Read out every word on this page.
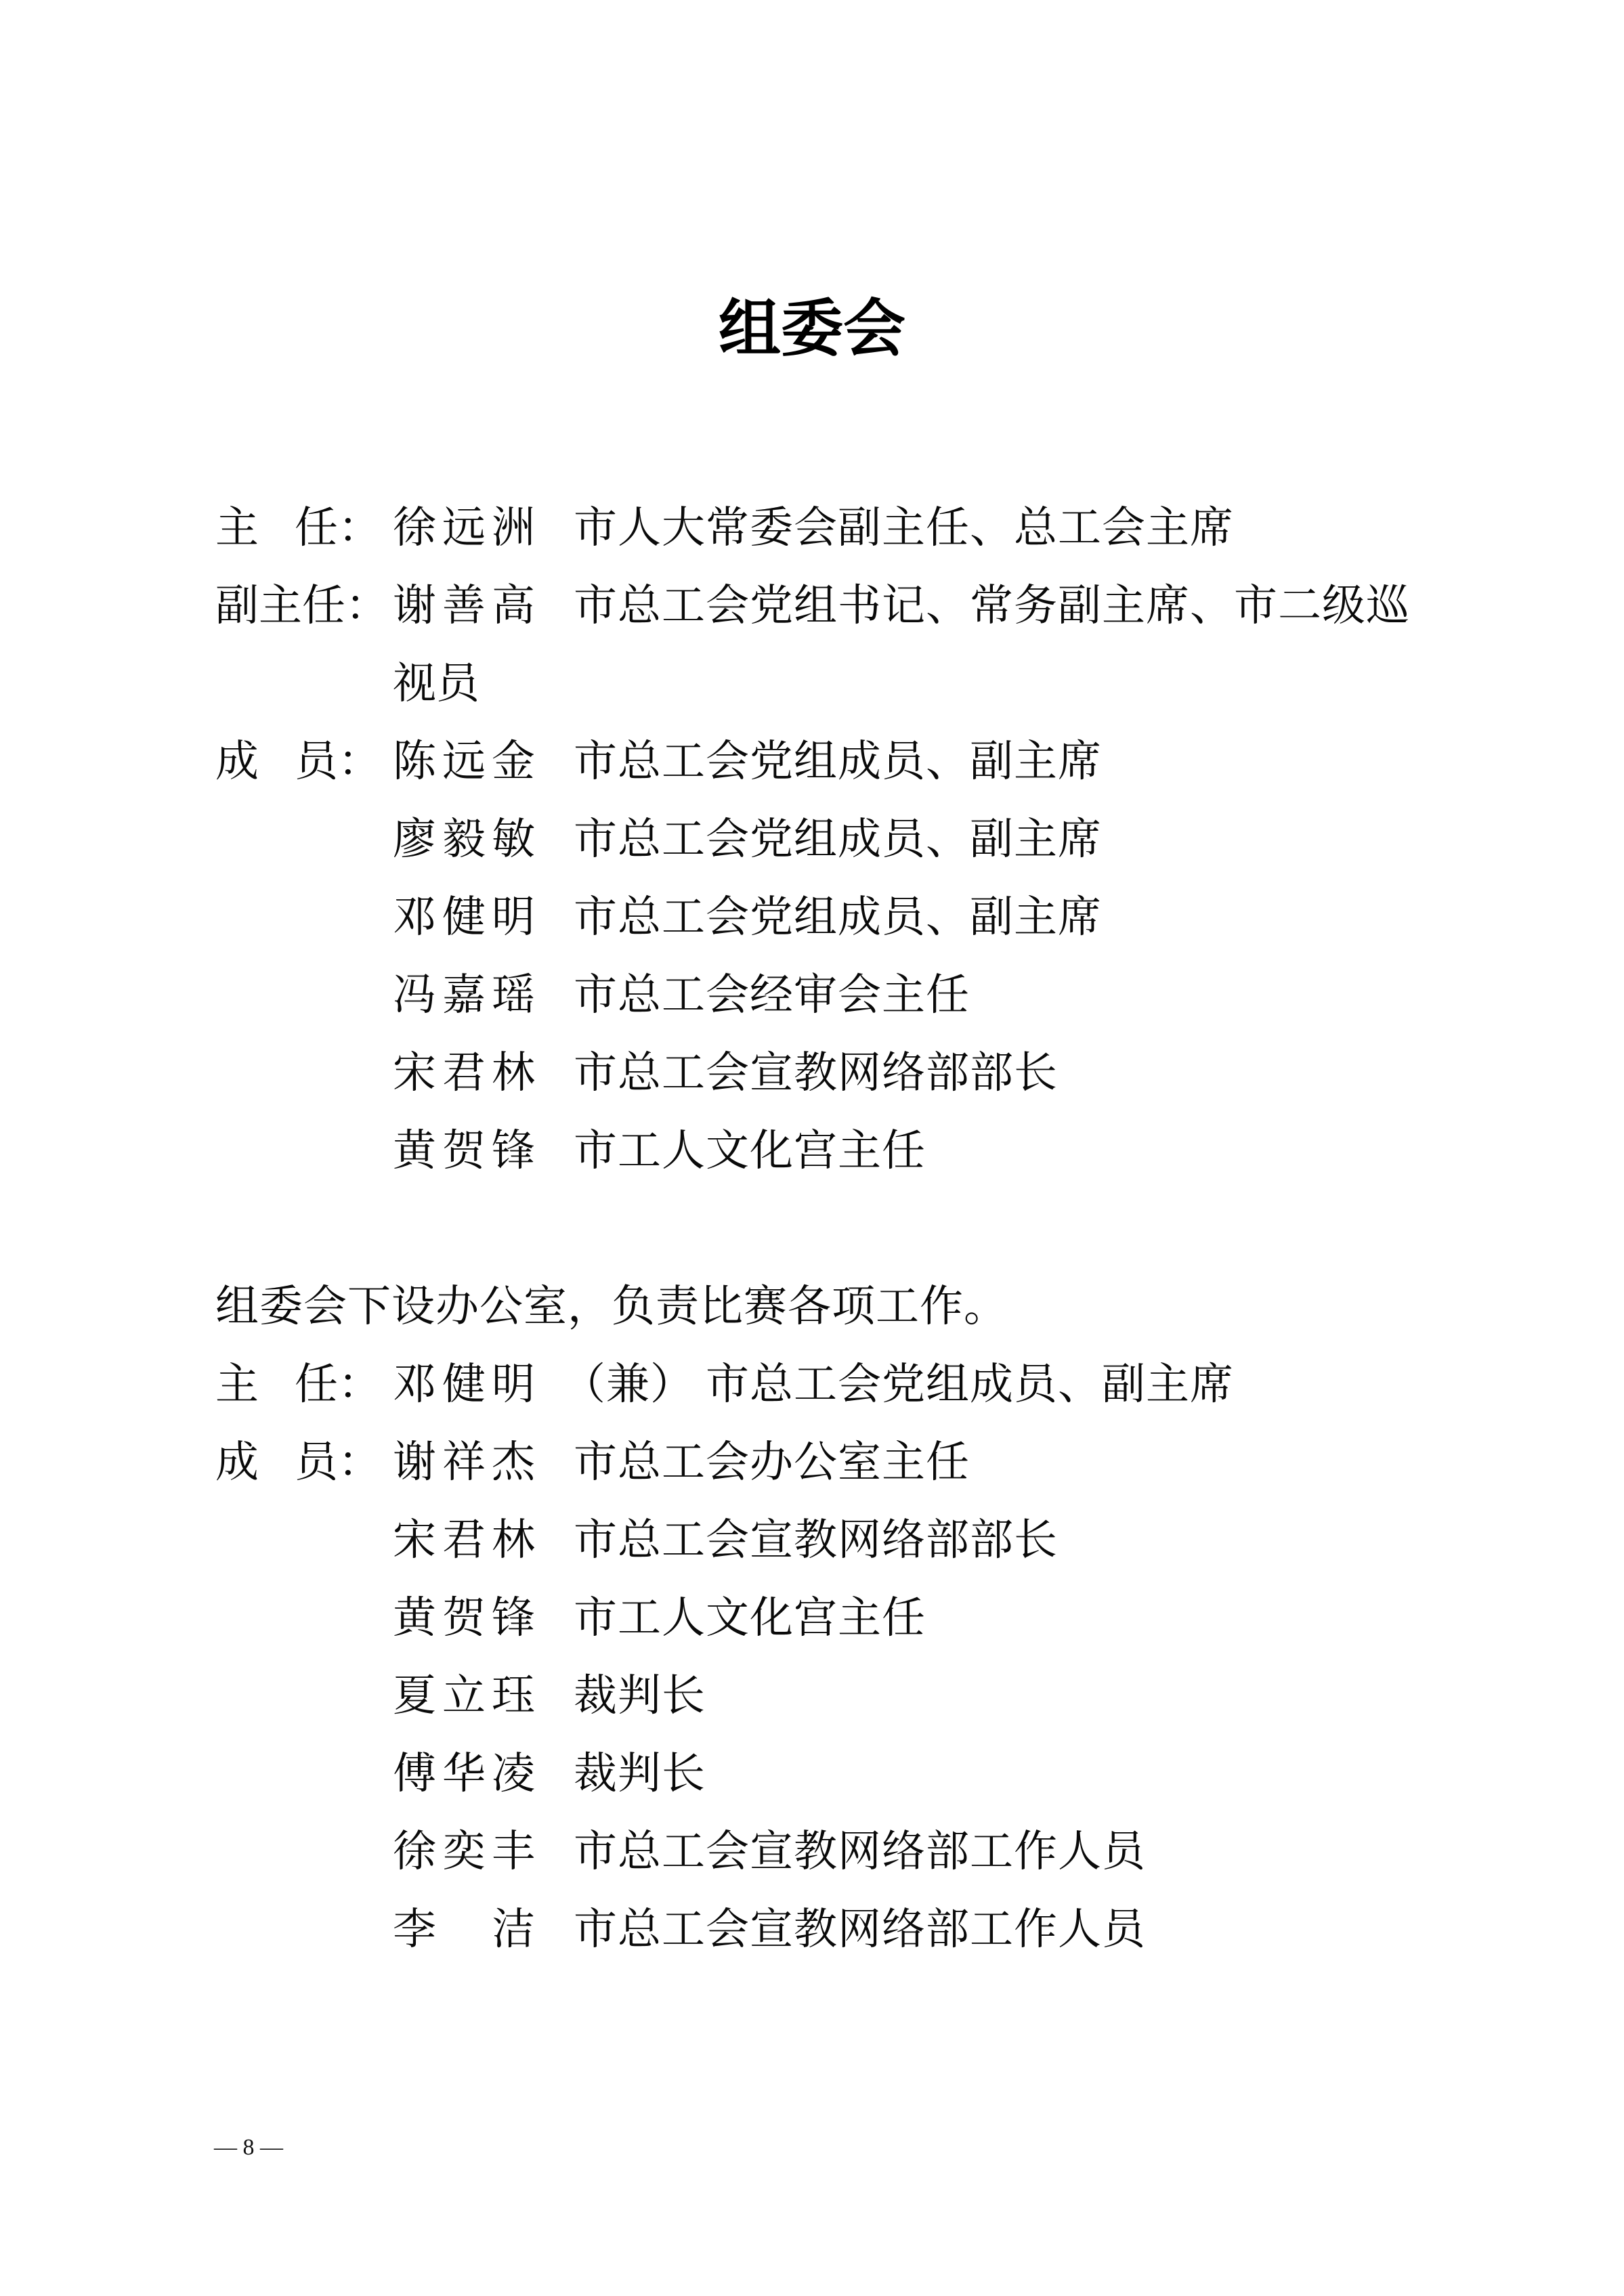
组委会
主 任： 徐 远 洲 市人大常委会副主任、总工会主席
副主任： 谢 善 高 市总工会党组书记、常务副主席、市二级巡
视员
成 员： 陈 远 金 市总工会党组成员、副主席
廖 毅 敏 市总工会党组成员、副主席
邓 健 明 市总工会党组成员、副主席
冯 嘉 瑶 市总工会经审会主任
宋 君 林 市总工会宣教网络部部长
黄 贺 锋 市工人文化宫主任
组委会下设办公室，负责比赛各项工作。
主 任： 邓 健 明 （兼） 市总工会党组成员、副主席
成 员： 谢 祥 杰 市总工会办公室主任
宋 君 林 市总工会宣教网络部部长
黄 贺 锋 市工人文化宫主任
夏 立 珏 裁判长
傅 华 凌 裁判长
徐 奕 丰 市总工会宣教网络部工作人员
李 洁 市总工会宣教网络部工作人员
— 8 —
